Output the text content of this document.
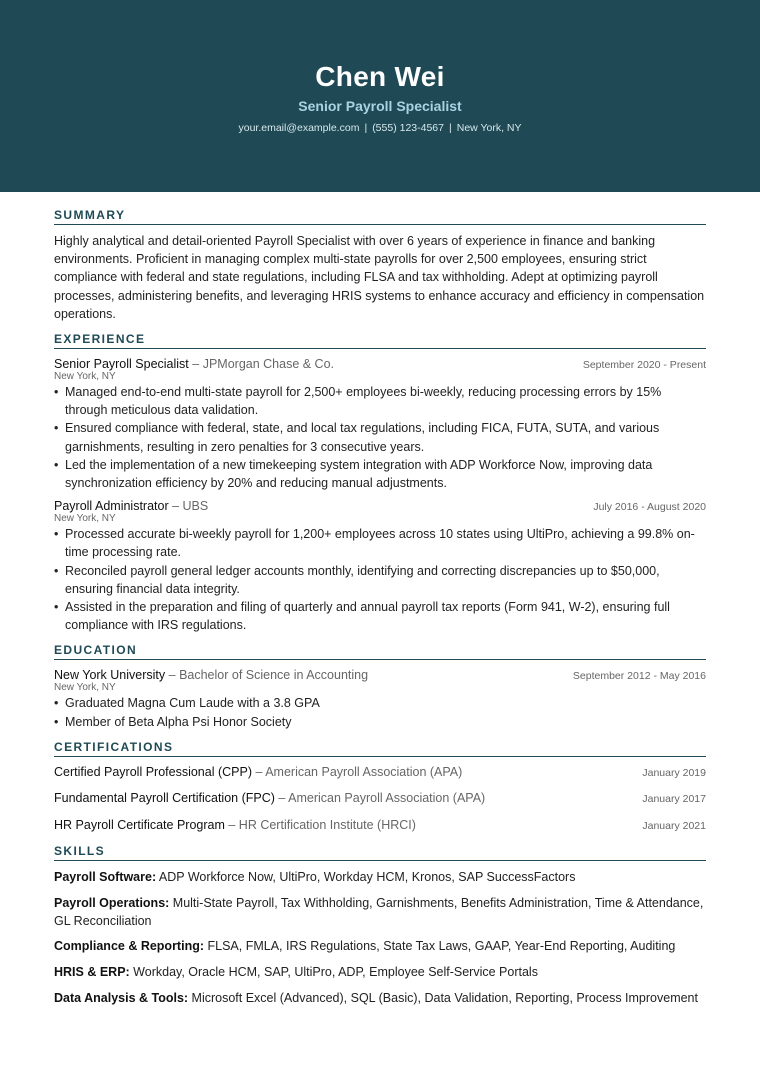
Chen Wei
Senior Payroll Specialist
your.email@example.com | (555) 123-4567 | New York, NY
SUMMARY

Highly analytical and detail-oriented Payroll Specialist with over 6 years of experience in finance and banking environments. Proficient in managing complex multi-state payrolls for over 2,500 employees, ensuring strict compliance with federal and state regulations, including FLSA and tax withholding. Adept at optimizing payroll processes, administering benefits, and leveraging HRIS systems to enhance accuracy and efficiency in compensation operations.

EXPERIENCE
Senior Payroll Specialist – JPMorgan Chase & Co.	September 2020 - Present
New York, NY
• Managed end-to-end multi-state payroll for 2,500+ employees bi-weekly, reducing processing errors by 15% through meticulous data validation.
• Ensured compliance with federal, state, and local tax regulations, including FICA, FUTA, SUTA, and various garnishments, resulting in zero penalties for 3 consecutive years.
• Led the implementation of a new timekeeping system integration with ADP Workforce Now, improving data synchronization efficiency by 20% and reducing manual adjustments.
Payroll Administrator – UBS	July 2016 - August 2020
New York, NY
• Processed accurate bi-weekly payroll for 1,200+ employees across 10 states using UltiPro, achieving a 99.8% on-time processing rate.
• Reconciled payroll general ledger accounts monthly, identifying and correcting discrepancies up to $50,000, ensuring financial data integrity.
• Assisted in the preparation and filing of quarterly and annual payroll tax reports (Form 941, W-2), ensuring full compliance with IRS regulations.
EDUCATION
New York University – Bachelor of Science in Accounting	September 2012 - May 2016
New York, NY
• Graduated Magna Cum Laude with a 3.8 GPA
• Member of Beta Alpha Psi Honor Society
CERTIFICATIONS
Certified Payroll Professional (CPP) – American Payroll Association (APA)	January 2019
Fundamental Payroll Certification (FPC) – American Payroll Association (APA)	January 2017
HR Payroll Certificate Program – HR Certification Institute (HRCI)	January 2021
SKILLS

Payroll Software: ADP Workforce Now, UltiPro, Workday HCM, Kronos, SAP SuccessFactors

Payroll Operations: Multi-State Payroll, Tax Withholding, Garnishments, Benefits Administration, Time & Attendance, GL Reconciliation

Compliance & Reporting: FLSA, FMLA, IRS Regulations, State Tax Laws, GAAP, Year-End Reporting, Auditing

HRIS & ERP: Workday, Oracle HCM, SAP, UltiPro, ADP, Employee Self-Service Portals

Data Analysis & Tools: Microsoft Excel (Advanced), SQL (Basic), Data Validation, Reporting, Process Improvement
